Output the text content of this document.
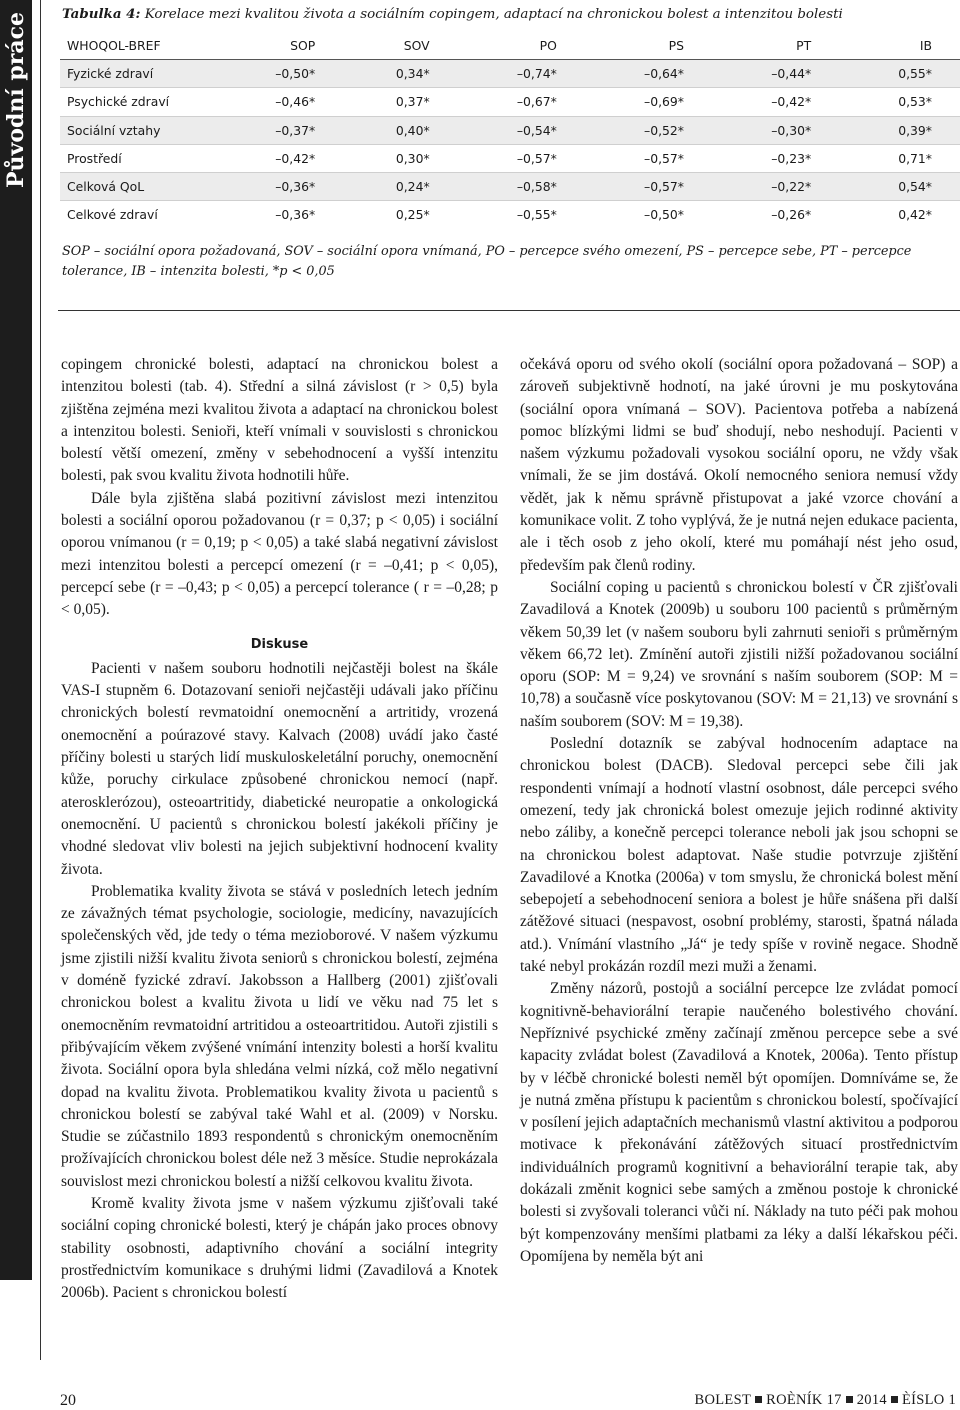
Původní práce Tabulka 4: Korelace mezi kvalitou života a sociálním copingem, adaptací na chronickou bolest a intenzitou bolesti
WHOQOL-BREF	SOP	SOV	PO	PS	PT	IB
Fyzické zdraví	–0,50*	0,34*	–0,74*	–0,64*	–0,44*	0,55*
Psychické zdraví	–0,46*	0,37*	–0,67*	–0,69*	–0,42*	0,53*
Sociální vztahy	–0,37*	0,40*	–0,54*	–0,52*	–0,30*	0,39*
Prostředí	–0,42*	0,30*	–0,57*	–0,57*	–0,23*	0,71*
Celková QoL	–0,36*	0,24*	–0,58*	–0,57*	–0,22*	0,54*
Celkové zdraví	–0,36*	0,25*	–0,55*	–0,50*	–0,26*	0,42*
SOP – sociální opora požadovaná, SOV – sociální opora vnímaná, PO – percepce svého omezení, PS – percepce sebe, PT – percepce tolerance, IB – intenzita bolesti, *p < 0,05

copingem chronické bolesti, adaptací na chronickou bolest a intenzitou bolesti (tab. 4). Střední a silná závislost (r > 0,5) byla zjištěna zejména mezi kvalitou života a adaptací na chronickou bolest a intenzitou bolesti. Senioři, kteří vnímali v souvislosti s chronickou bolestí větší omezení, změny v sebehodnocení a vyšší intenzitu bolesti, pak svou kvalitu života hodnotili hůře.

Dále byla zjištěna slabá pozitivní závislost mezi intenzitou bolesti a sociální oporou požadovanou (r = 0,37; p < 0,05) i sociální oporou vnímanou (r = 0,19; p < 0,05) a také slabá negativní závislost mezi intenzitou bolesti a percepcí omezení (r = –0,41; p < 0,05), percepcí sebe (r = –0,43; p < 0,05) a percepcí tolerance ( r = –0,28; p < 0,05).

Diskuse

Pacienti v našem souboru hodnotili nejčastěji bolest na škále VAS-I stupněm 6. Dotazovaní senioři nejčastěji udávali jako příčinu chronických bolestí revmatoidní onemocnění a artritidy, vrozená onemocnění a poúrazové stavy. Kalvach (2008) uvádí jako časté příčiny bolesti u starých lidí muskuloskeletální poruchy, onemocnění kůže, poruchy cirkulace způsobené chronickou nemocí (např. aterosklerózou), osteoartritidy, diabetické neuropatie a onkologická onemocnění. U pacientů s chronickou bolestí jakékoli příčiny je vhodné sledovat vliv bolesti na jejich subjektivní hodnocení kvality života.

Problematika kvality života se stává v posledních letech jedním ze závažných témat psychologie, sociologie, medicíny, navazujících společenských věd, jde tedy o téma mezioborové. V našem výzkumu jsme zjistili nižší kvalitu života seniorů s chronickou bolestí, zejména v doméně fyzické zdraví. Jakobsson a Hallberg (2001) zjišťovali chronickou bolest a kvalitu života u lidí ve věku nad 75 let s onemocněním revmatoidní artritidou a osteoartritidou. Autoři zjistili s přibývajícím věkem zvýšené vnímání intenzity bolesti a horší kvalitu života. Sociální opora byla shledána velmi nízká, což mělo negativní dopad na kvalitu života. Problematikou kvality života u pacientů s chronickou bolestí se zabýval také Wahl et al. (2009) v Norsku. Studie se zúčastnilo 1893 respondentů s chronickým onemocněním prožívajících chronickou bolest déle než 3 měsíce. Studie neprokázala souvislost mezi chronickou bolestí a nižší celkovou kvalitu života.

Kromě kvality života jsme v našem výzkumu zjišťovali také sociální coping chronické bolesti, který je chápán jako proces obnovy stability osobnosti, adaptivního chování a sociální integrity prostřednictvím komunikace s druhými lidmi (Zavadilová a Knotek 2006b). Pacient s chronickou bolestí

očekává oporu od svého okolí (sociální opora požadovaná – SOP) a zároveň subjektivně hodnotí, na jaké úrovni je mu poskytována (sociální opora vnímaná – SOV). Pacientova potřeba a nabízená pomoc blízkými lidmi se buď shodují, nebo neshodují. Pacienti v našem výzkumu požadovali vysokou sociální oporu, ne vždy však vnímali, že se jim dostává. Okolí nemocného seniora nemusí vždy vědět, jak k němu správně přistupovat a jaké vzorce chování a komunikace volit. Z toho vyplývá, že je nutná nejen edukace pacienta, ale i těch osob z jeho okolí, které mu pomáhají nést jeho osud, především pak členů rodiny.

Sociální coping u pacientů s chronickou bolestí v ČR zjišťovali Zavadilová a Knotek (2009b) u souboru 100 pacientů s průměrným věkem 50,39 let (v našem souboru byli zahrnuti senioři s průměrným věkem 66,72 let). Zmínění autoři zjistili nižší požadovanou sociální oporu (SOP: M = 9,24) ve srovnání s naším souborem (SOP: M = 10,78) a současně více poskytovanou (SOV: M = 21,13) ve srovnání s naším souborem (SOV: M = 19,38).

Poslední dotazník se zabýval hodnocením adaptace na chronickou bolest (DACB). Sledoval percepci sebe čili jak respondenti vnímají a hodnotí vlastní osobnost, dále percepci svého omezení, tedy jak chronická bolest omezuje jejich rodinné aktivity nebo záliby, a konečně percepci tolerance neboli jak jsou schopni se na chronickou bolest adaptovat. Naše studie potvrzuje zjištění Zavadilové a Knotka (2006a) v tom smyslu, že chronická bolest mění sebepojetí a sebehodnocení seniora a bolest je hůře snášena při další zátěžové situaci (nespavost, osobní problémy, starosti, špatná nálada atd.). Vnímání vlastního „Já“ je tedy spíše v rovině negace. Shodně také nebyl prokázán rozdíl mezi muži a ženami.

Změny názorů, postojů a sociální percepce lze zvládat pomocí kognitivně-behaviorální terapie naučeného bolestivého chování. Nepříznivé psychické změny začínají změnou percepce sebe a své kapacity zvládat bolest (Zavadilová a Knotek, 2006a). Tento přístup by v léčbě chronické bolesti neměl být opomíjen. Domníváme se, že je nutná změna přístupu k pacientům s chronickou bolestí, spočívající v posílení jejich adaptačních mechanismů vlastní aktivitou a podporou motivace k překonávání zátěžových situací prostřednictvím individuálních programů kognitivní a behaviorální terapie tak, aby dokázali změnit kognici sebe samých a změnou postoje k chronické bolesti si zvyšovali toleranci vůči ní. Náklady na tuto péči pak mohou být kompenzovány menšími platbami za léky a další lékařskou péči. Opomíjena by neměla být ani

20	BOLEST ROÈNÍK 17 2014 ÈÍSLO 1
